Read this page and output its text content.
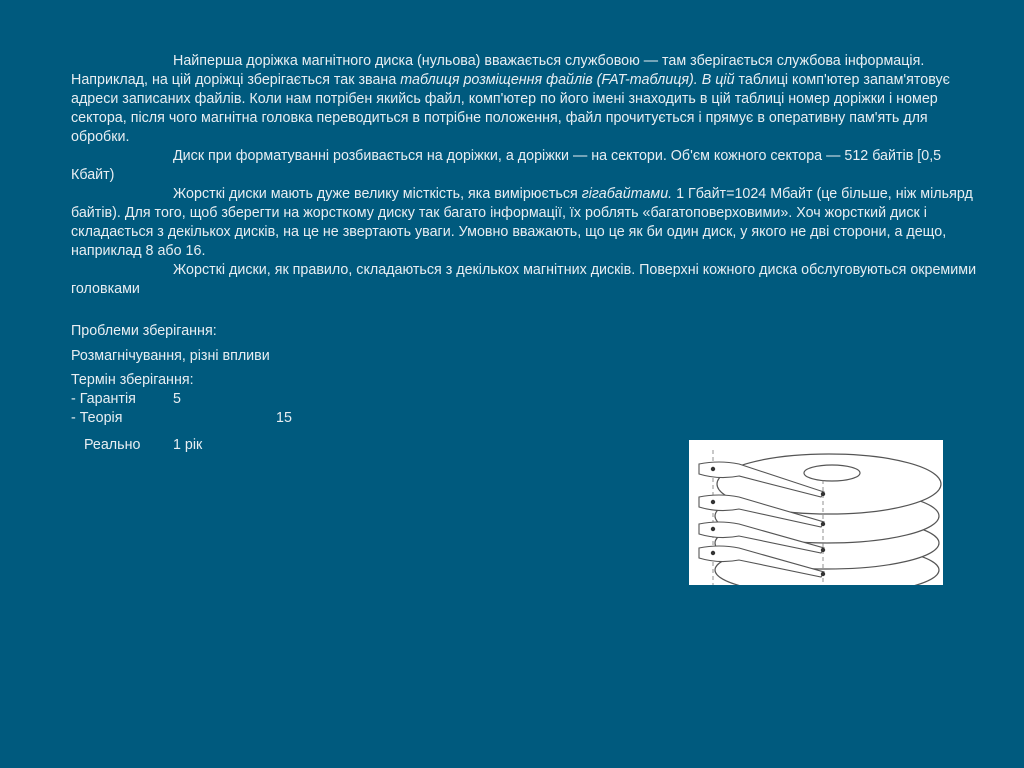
Найперша доріжка магнітного диска (нульова) вважається службовою — там зберігається службова інформація. Наприклад, на цій доріжці зберігається так звана таблиця розміщення файлів (FAT-таблиця). В цій таблиці комп'ютер запам'ятовує адреси записаних файлів. Коли нам потрібен якийсь файл, комп'ютер по його імені знаходить в цій таблиці номер доріжки і номер сектора, після чого магнітна головка переводиться в потрібне положення, файл прочитується і прямує в оперативну пам'ять для обробки.

Диск при форматуванні розбивається на доріжки, а доріжки — на сектори. Об'єм кожного сектора — 512 байтів [0,5 Кбайт)

Жорсткі диски мають дуже велику місткість, яка вимірюється гігабайтами. 1 Гбайт=1024 Мбайт (це більше, ніж мільярд байтів). Для того, щоб зберегти на жорсткому диску так багато інформації, їх роблять «багатоповерховими». Хоч жорсткий диск і складається з декількох дисків, на це не звертають уваги. Умовно вважають, що це як би один диск, у якого не дві сторони, а дещо, наприклад 8 або 16.

Жорсткі диски, як правило, складаються з декількох магнітних дисків. Поверхні кожного диска обслуговуються окремими головками

Проблеми зберігання:
Розмагнічування, різні впливи
Термін зберігання:
- Гарантія	5
- Теорія	15
Реально 1 рік
